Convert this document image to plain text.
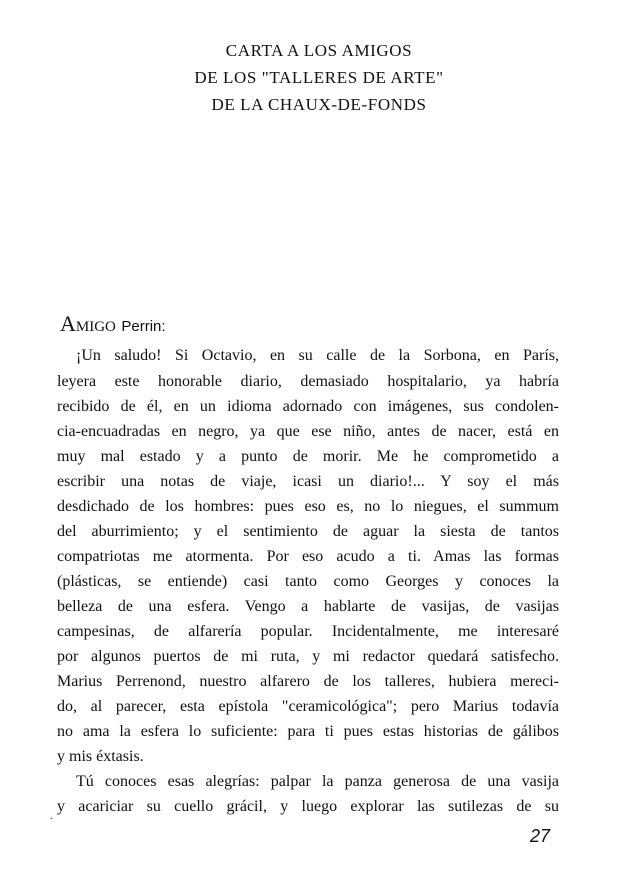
CARTA A LOS AMIGOS
DE LOS "TALLERES DE ARTE"
DE LA CHAUX-DE-FONDS
AMIGO Perrin:
¡Un saludo! Si Octavio, en su calle de la Sorbona, en París,
leyera este honorable diario, demasiado hospitalario, ya habría
recibido de él, en un idioma adornado con imágenes, sus condolen-
cia-encuadradas en negro, ya que ese niño, antes de nacer, está en
muy mal estado y a punto de morir. Me he comprometido a
escribir una notas de viaje, icasi un diario!... Y soy el más
desdichado de los hombres: pues eso es, no lo niegues, el summum
del aburrimiento; y el sentimiento de aguar la siesta de tantos
compatriotas me atormenta. Por eso acudo a ti. Amas las formas
(plásticas, se entiende) casi tanto como Georges y conoces la
belleza de una esfera. Vengo a hablarte de vasijas, de vasijas
campesinas, de alfarería popular. Incidentalmente, me interesaré
por algunos puertos de mi ruta, y mi redactor quedará satisfecho.
Marius Perrenond, nuestro alfarero de los talleres, hubiera mereci-
do, al parecer, esta epístola "ceramicológica"; pero Marius todavía
no ama la esfera lo suficiente: para ti pues estas historias de gálibos
y mis éxtasis.
Tú conoces esas alegrías: palpar la panza generosa de una vasija
y acariciar su cuello grácil, y luego explorar las sutilezas de su
.
27
